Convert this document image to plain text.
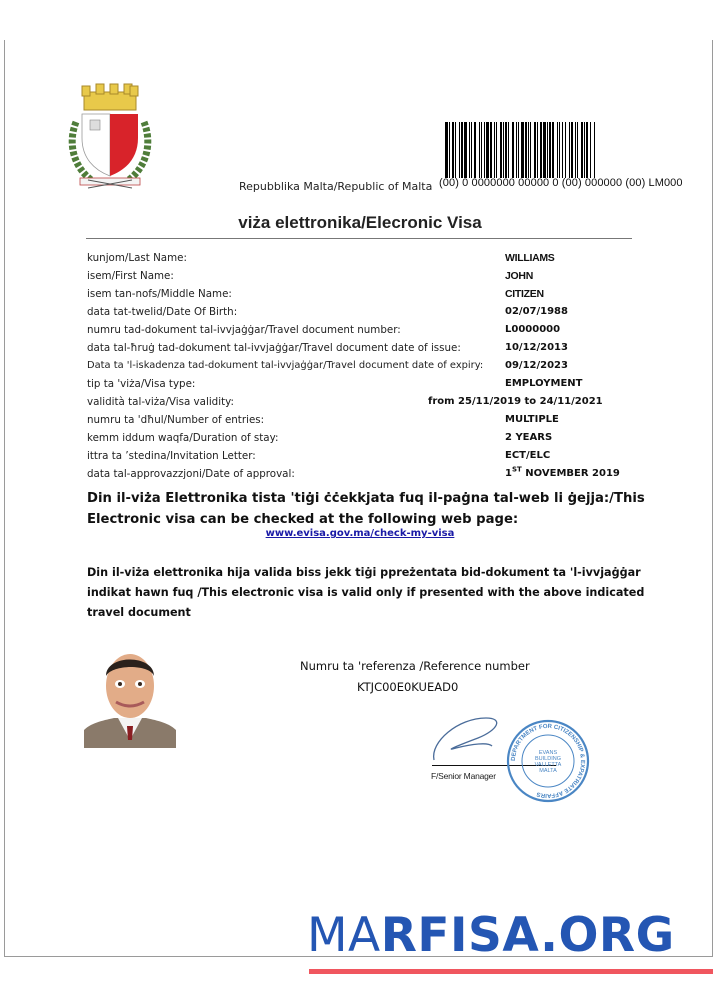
Repubblika Malta/Republic of Malta (00) 0 0000000 00000 0 (00) 000000 (00) LM000
viża elettronika/Elecronic Visa
kunjom/Last Name:	WILLIAMS
isem/First Name:	JOHN
isem tan-nofs/Middle Name:	CITIZEN
data tat-twelid/Date Of Birth:	02/07/1988
numru tad-dokument tal-ivvjaġġar/Travel document number:	L0000000
data tal-ħruġ tad-dokument tal-ivvjaġġar/Travel document date of issue:	10/12/2013
Data ta 'l-iskadenza tad-dokument tal-ivvjaġġar/Travel document date of expiry: 09/12/2023
tip ta 'viża/Visa type:	EMPLOYMENT
validità tal-viża/Visa validity:	from 25/11/2019 to 24/11/2021
numru ta 'dħul/Number of entries:	MULTIPLE
kemm iddum waqfa/Duration of stay:	2 YEARS
ittra ta ’stedina/Invitation Letter:	ECT/ELC
data tal-approvazzjoni/Date of approval:	1ST NOVEMBER 2019
Din il-viża Elettronika tista 'tiġi ċċekkjata fuq il-paġna tal-web li ġejja:/This Electronic visa can be checked at the following web page:
www.evisa.gov.ma/check-my-visa
Din il-viża elettronika hija valida biss jekk tiġi ppreżentata bid-dokument ta 'l-ivvjaġġar indikat hawn fuq /This electronic visa is valid only if presented with the above indicated travel document
Numru ta 'referenza /Reference number
KTJC00E0KUEAD0
F/Senior Manager
DEPARTMENT FOR CITIZENSHIP & EXPATRIATE AFFAIRS
EVANS
BUILDING
VALLETTA
MALTA
MARFISA.ORG
